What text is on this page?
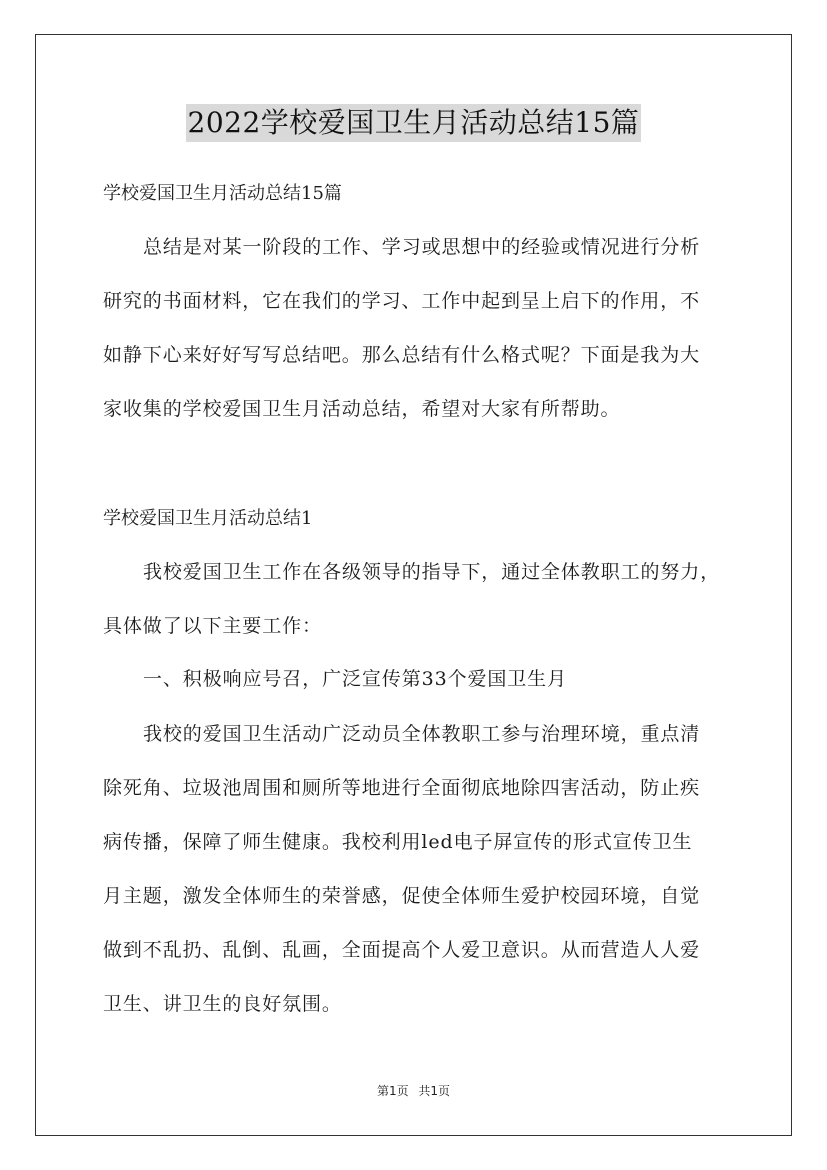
2022学校爱国卫生月活动总结15篇
学校爱国卫生月活动总结15篇
总结是对某一阶段的工作、学习或思想中的经验或情况进行分析
研究的书面材料，它在我们的学习、工作中起到呈上启下的作用，不
如静下心来好好写写总结吧。那么总结有什么格式呢？下面是我为大
家收集的学校爱国卫生月活动总结，希望对大家有所帮助。
学校爱国卫生月活动总结1
我校爱国卫生工作在各级领导的指导下，通过全体教职工的努力，
具体做了以下主要工作：
一、积极响应号召，广泛宣传第33个爱国卫生月
我校的爱国卫生活动广泛动员全体教职工参与治理环境，重点清
除死角、垃圾池周围和厕所等地进行全面彻底地除四害活动，防止疾
病传播，保障了师生健康。我校利用led电子屏宣传的形式宣传卫生
月主题，激发全体师生的荣誉感，促使全体师生爱护校园环境，自觉
做到不乱扔、乱倒、乱画，全面提高个人爱卫意识。从而营造人人爱
卫生、讲卫生的良好氛围。
第1页 共1页
